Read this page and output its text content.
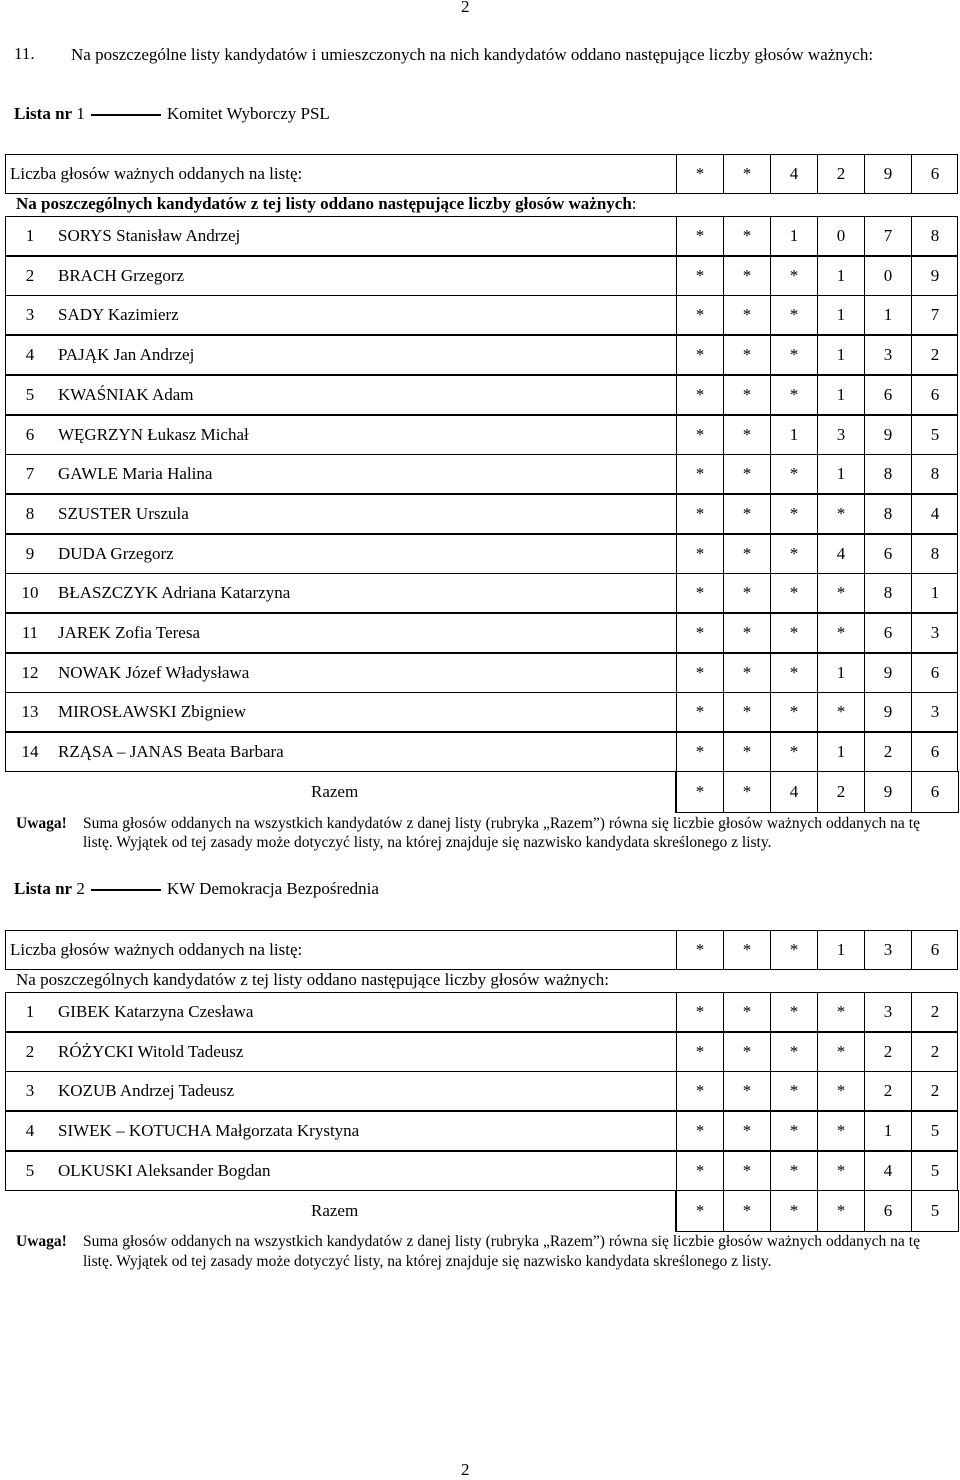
2
11. Na poszczególne listy kandydatów i umieszczonych na nich kandydatów oddano następujące liczby głosów ważnych:
Lista nr 1	Komitet Wyborczy PSL
Liczba głosów ważnych oddanych na listę:	*	*	4	2	9	6
Na poszczególnych kandydatów z tej listy oddano następujące liczby głosów ważnych:
1	SORYS Stanisław Andrzej	*	*	1	0	7	8
2	BRACH Grzegorz	*	*	*	1	0	9
3	SADY Kazimierz	*	*	*	1	1	7
4	PAJĄK Jan Andrzej	*	*	*	1	3	2
5	KWAŚNIAK Adam	*	*	*	1	6	6
6	WĘGRZYN Łukasz Michał	*	*	1	3	9	5
7	GAWLE Maria Halina	*	*	*	1	8	8
8	SZUSTER Urszula	*	*	*	*	8	4
9	DUDA Grzegorz	*	*	*	4	6	8
10	BŁASZCZYK Adriana Katarzyna	*	*	*	*	8	1
11	JAREK Zofia Teresa	*	*	*	*	6	3
12	NOWAK Józef Władysława	*	*	*	1	9	6
13	MIROSŁAWSKI Zbigniew	*	*	*	*	9	3
14	RZĄSA – JANAS Beata Barbara	*	*	*	1	2	6
Razem	*	*	4	2	9	6
Uwaga! Suma głosów oddanych na wszystkich kandydatów z danej listy (rubryka „Razem”) równa się liczbie głosów ważnych oddanych na tę listę. Wyjątek od tej zasady może dotyczyć listy, na której znajduje się nazwisko kandydata skreślonego z listy.
Lista nr 2	KW Demokracja Bezpośrednia
Liczba głosów ważnych oddanych na listę:	*	*	*	1	3	6
Na poszczególnych kandydatów z tej listy oddano następujące liczby głosów ważnych:
1	GIBEK Katarzyna Czesława	*	*	*	*	3	2
2	RÓŻYCKI Witold Tadeusz	*	*	*	*	2	2
3	KOZUB Andrzej Tadeusz	*	*	*	*	2	2
4	SIWEK – KOTUCHA Małgorzata Krystyna	*	*	*	*	1	5
5	OLKUSKI Aleksander Bogdan	*	*	*	*	4	5
Razem	*	*	*	*	6	5
Uwaga! Suma głosów oddanych na wszystkich kandydatów z danej listy (rubryka „Razem”) równa się liczbie głosów ważnych oddanych na tę listę. Wyjątek od tej zasady może dotyczyć listy, na której znajduje się nazwisko kandydata skreślonego z listy.
2
